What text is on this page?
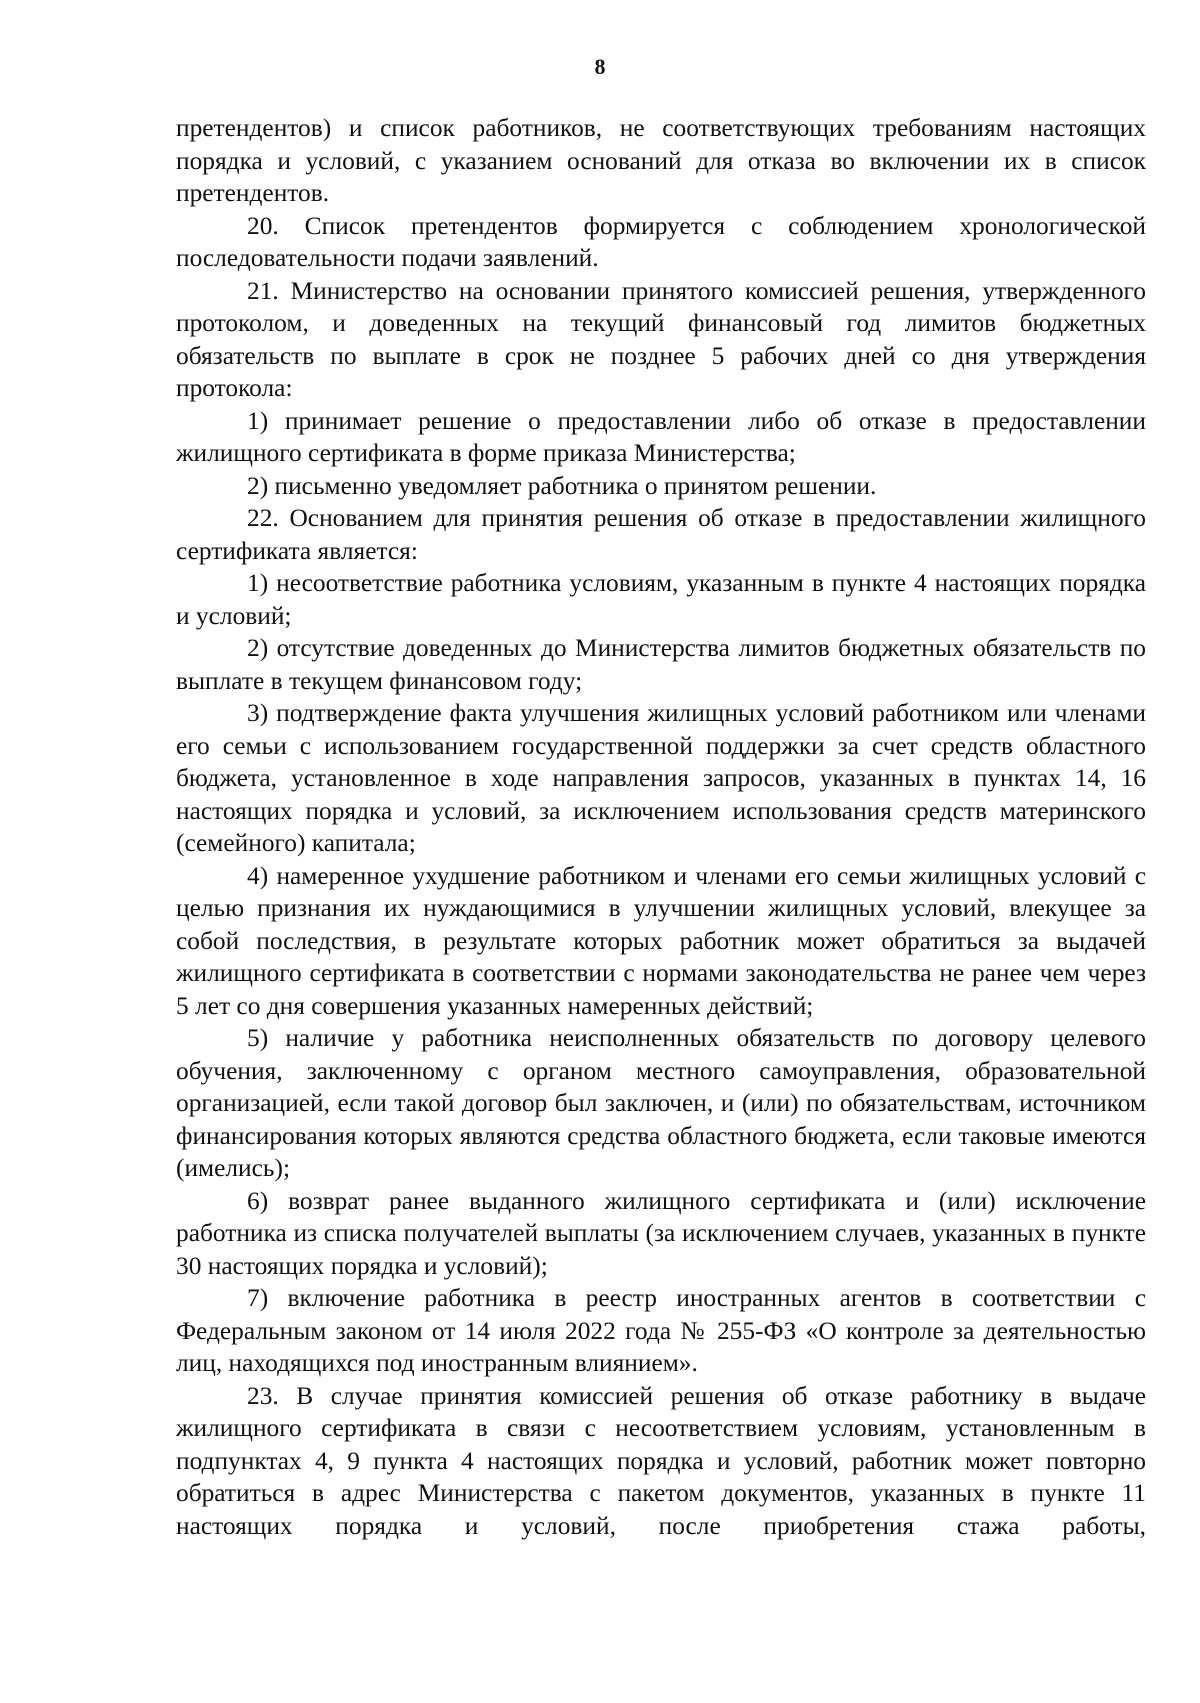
8

претендентов) и список работников, не соответствующих требованиям настоящих порядка и условий, с указанием оснований для отказа во включении их в список претендентов.

20. Список претендентов формируется с соблюдением хронологической последовательности подачи заявлений.

21. Министерство на основании принятого комиссией решения, утвержденного протоколом, и доведенных на текущий финансовый год лимитов бюджетных обязательств по выплате в срок не позднее 5 рабочих дней со дня утверждения протокола:

1) принимает решение о предоставлении либо об отказе в предоставлении жилищного сертификата в форме приказа Министерства;

2) письменно уведомляет работника о принятом решении.

22. Основанием для принятия решения об отказе в предоставлении жилищного сертификата является:

1) несоответствие работника условиям, указанным в пункте 4 настоящих порядка и условий;

2) отсутствие доведенных до Министерства лимитов бюджетных обязательств по выплате в текущем финансовом году;

3) подтверждение факта улучшения жилищных условий работником или членами его семьи с использованием государственной поддержки за счет средств областного бюджета, установленное в ходе направления запросов, указанных в пунктах 14, 16 настоящих порядка и условий, за исключением использования средств материнского (семейного) капитала;

4) намеренное ухудшение работником и членами его семьи жилищных условий с целью признания их нуждающимися в улучшении жилищных условий, влекущее за собой последствия, в результате которых работник может обратиться за выдачей жилищного сертификата в соответствии с нормами законодательства не ранее чем через 5 лет со дня совершения указанных намеренных действий;

5) наличие у работника неисполненных обязательств по договору целевого обучения, заключенному с органом местного самоуправления, образовательной организацией, если такой договор был заключен, и (или) по обязательствам, источником финансирования которых являются средства областного бюджета, если таковые имеются (имелись);

6) возврат ранее выданного жилищного сертификата и (или) исключение работника из списка получателей выплаты (за исключением случаев, указанных в пункте 30 настоящих порядка и условий);

7) включение работника в реестр иностранных агентов в соответствии с Федеральным законом от 14 июля 2022 года № 255-ФЗ «О контроле за деятельностью лиц, находящихся под иностранным влиянием».

23. В случае принятия комиссией решения об отказе работнику в выдаче жилищного сертификата в связи с несоответствием условиям, установленным в подпунктах 4, 9 пункта 4 настоящих порядка и условий, работник может повторно обратиться в адрес Министерства с пакетом документов, указанных в пункте 11 настоящих порядка и условий, после приобретения стажа работы,
